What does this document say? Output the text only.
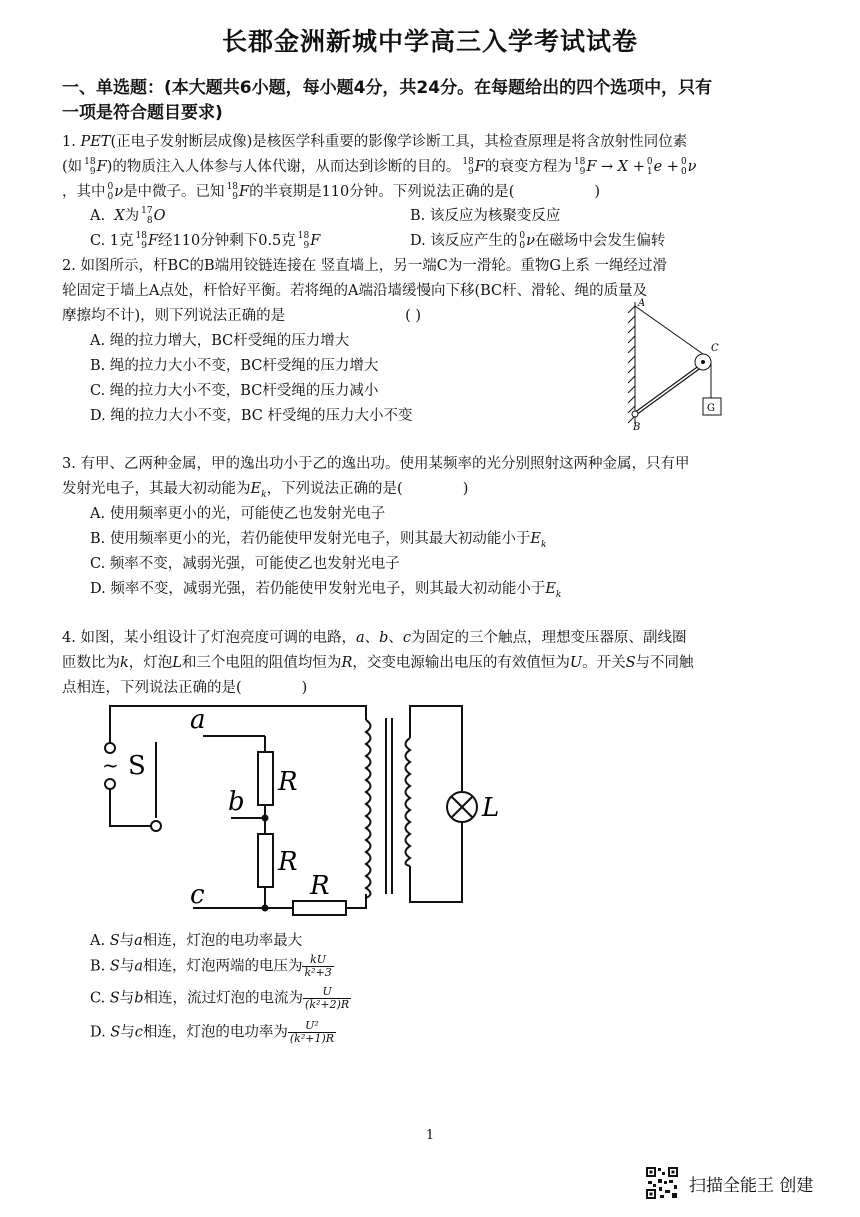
长郡金洲新城中学高三入学考试试卷
一、单选题：(本大题共6小题，每小题4分，共24分。在每题给出的四个选项中，只有
一项是符合题目要求)
1. PET(正电子发射断层成像)是核医学科重要的影像学诊断工具，其检查原理是将含放射性同位素
(如 18
9 F)的物质注入人体参与人体代谢，从而达到诊断的目的。 18
9 F的衰变方程为 18
9 F → X + 0
1 e + 0
0 ν
，其中 0
0 ν是中微子。已知 18
9 F的半衰期是110分钟。下列说法正确的是(	)
A. X为 17
8 O	B. 该反应为核聚变反应
C. 1克 18
9 F经110分钟剩下0.5克 18
9 F	D. 该反应产生的 0
0 ν在磁场中会发生偏转
2. 如图所示，杆BC的B端用铰链连接在 竖直墙上，另一端C为一滑轮。重物G上系 一绳经过滑
轮固定于墙上A点处，杆恰好平衡。若将绳的A端沿墙缓慢向下移(BC杆、滑轮、绳的质量及
摩擦均不计)，则下列说法正确的是	( )
A. 绳的拉力增大，BC杆受绳的压力增大
B. 绳的拉力大小不变，BC杆受绳的压力增大
C. 绳的拉力大小不变，BC杆受绳的压力减小
D. 绳的拉力大小不变，BC 杆受绳的压力大小不变
A
B
C
G
3. 有甲、乙两种金属，甲的逸出功小于乙的逸出功。使用某频率的光分别照射这两种金属，只有甲
发射光电子，其最大初动能为$E_k$，下列说法正确的是(	)
A. 使用频率更小的光，可能使乙也发射光电子
B. 使用频率更小的光，若仍能使甲发射光电子，则其最大初动能小于$E_k$
C. 频率不变，减弱光强，可能使乙也发射光电子
D. 频率不变，减弱光强，若仍能使甲发射光电子，则其最大初动能小于$E_k$
4. 如图，某小组设计了灯泡亮度可调的电路，a、b、c为固定的三个触点，理想变压器原、副线圈
匝数比为k，灯泡L和三个电阻的阻值均恒为R，交变电源输出电压的有效值恒为U。开关S与不同触
点相连，下列说法正确的是(	)
~ S
a
b
c
R
R
R
L
A. S与a相连，灯泡的电功率最大
B. S与a相连，灯泡两端的电压为 $\frac{kU}{\text{k²+3}}$
C. S与b相连，流过灯泡的电流为 $\frac{U}{\text{(k²+2)R}}$
D. S与c相连，灯泡的电功率为 $\frac{\text{U²}}{\text{(k²+1)R}}$
1
扫描全能王 创建
